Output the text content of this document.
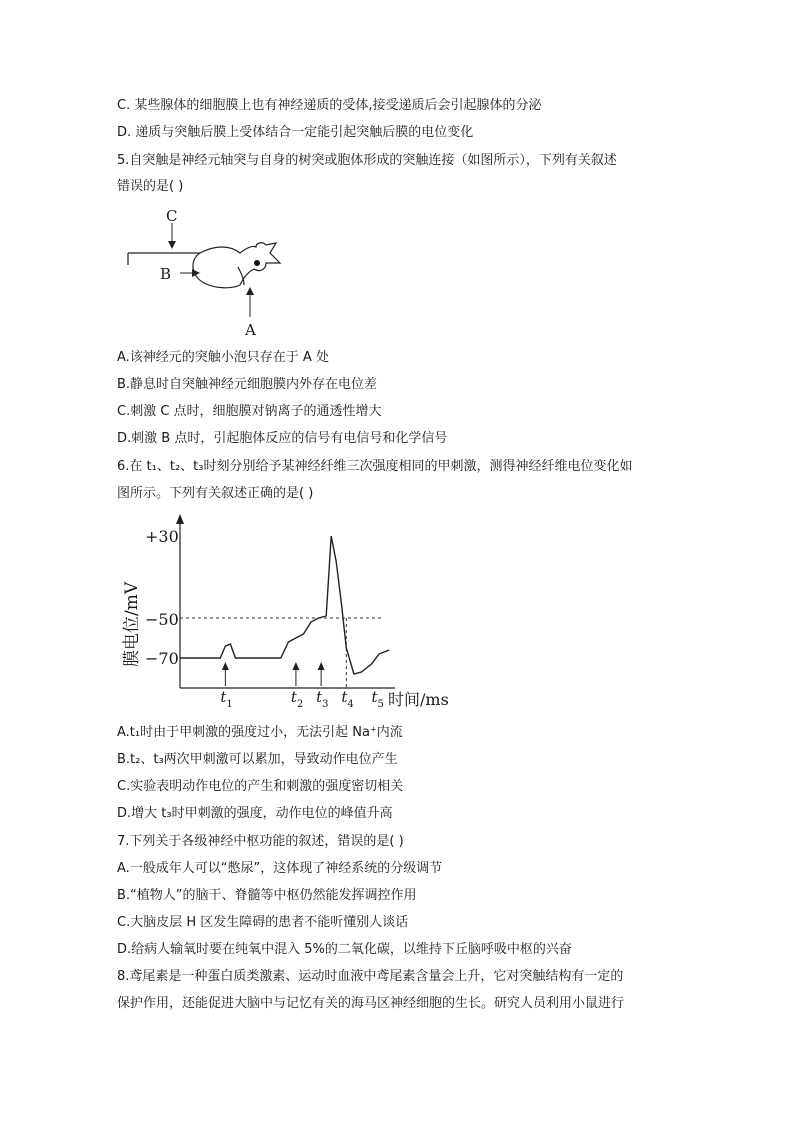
C. 某些腺体的细胞膜上也有神经递质的受体,接受递质后会引起腺体的分泌
D. 递质与突触后膜上受体结合一定能引起突触后膜的电位变化
5.自突触是神经元轴突与自身的树突或胞体形成的突触连接（如图所示），下列有关叙述
错误的是( )
C
B
A
A.该神经元的突触小泡只存在于 A 处
B.静息时自突触神经元细胞膜内外存在电位差
C.刺激 C 点时，细胞膜对钠离子的通透性增大
D.刺激 B 点时，引起胞体反应的信号有电信号和化学信号
6.在 t₁、t₂、t₃时刻分别给予某神经纤维三次强度相同的甲刺激，测得神经纤维电位变化如
图所示。下列有关叙述正确的是( )
+30
−50
−70
膜电位/mV
时间/ms
t 1	t 2 t 3 t 4 t 5
A.t₁时由于甲刺激的强度过小，无法引起 Na⁺内流
B.t₂、t₃两次甲刺激可以累加，导致动作电位产生
C.实验表明动作电位的产生和刺激的强度密切相关
D.增大 t₃时甲刺激的强度，动作电位的峰值升高
7.下列关于各级神经中枢功能的叙述，错误的是( )
A.一般成年人可以“憋尿”，这体现了神经系统的分级调节
B.“植物人”的脑干、脊髓等中枢仍然能发挥调控作用
C.大脑皮层 H 区发生障碍的患者不能听懂别人谈话
D.给病人输氧时要在纯氧中混入 5%的二氧化碳，以维持下丘脑呼吸中枢的兴奋
8.鸢尾素是一种蛋白质类激素、运动时血液中鸢尾素含量会上升，它对突触结构有一定的
保护作用，还能促进大脑中与记忆有关的海马区神经细胞的生长。研究人员利用小鼠进行
